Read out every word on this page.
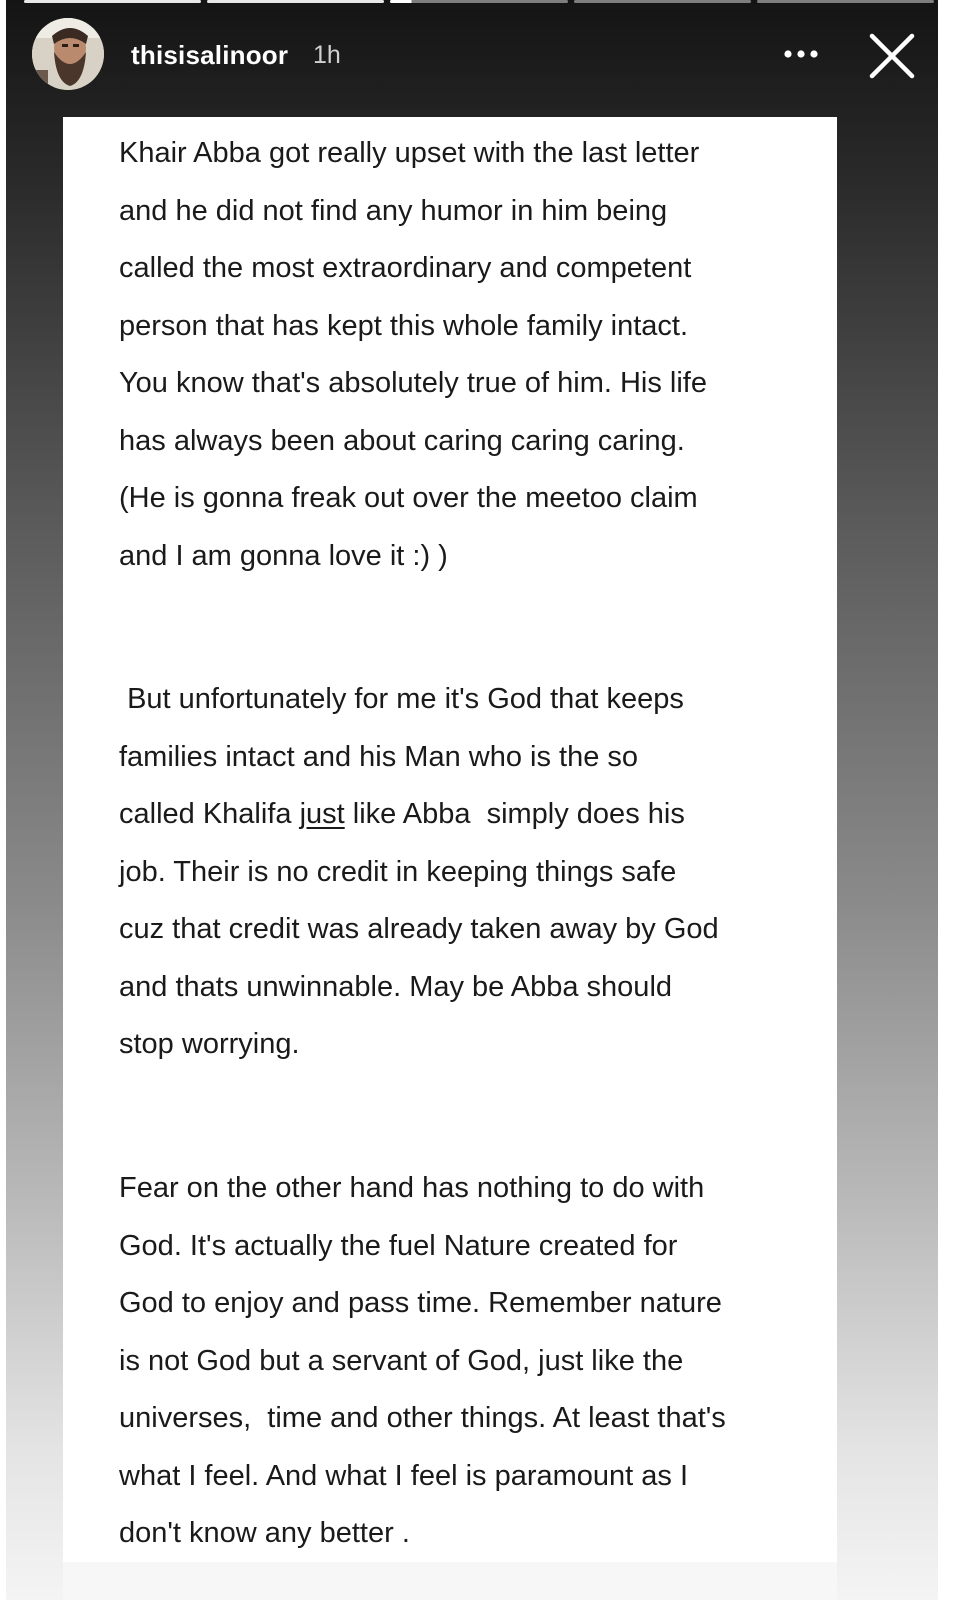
thisisalinoor 1h

Khair Abba got really upset with the last letter
and he did not find any humor in him being
called the most extraordinary and competent
person that has kept this whole family intact.
You know that's absolutely true of him. His life
has always been about caring caring caring.
(He is gonna freak out over the meetoo claim
and I am gonna love it :) )

But unfortunately for me it's God that keeps
families intact and his Man who is the so
called Khalifa just like Abba  simply does his
job. Their is no credit in keeping things safe
cuz that credit was already taken away by God
and thats unwinnable. May be Abba should
stop worrying.

Fear on the other hand has nothing to do with
God. It's actually the fuel Nature created for
God to enjoy and pass time. Remember nature
is not God but a servant of God, just like the
universes,  time and other things. At least that's
what I feel. And what I feel is paramount as I
don't know any better .
